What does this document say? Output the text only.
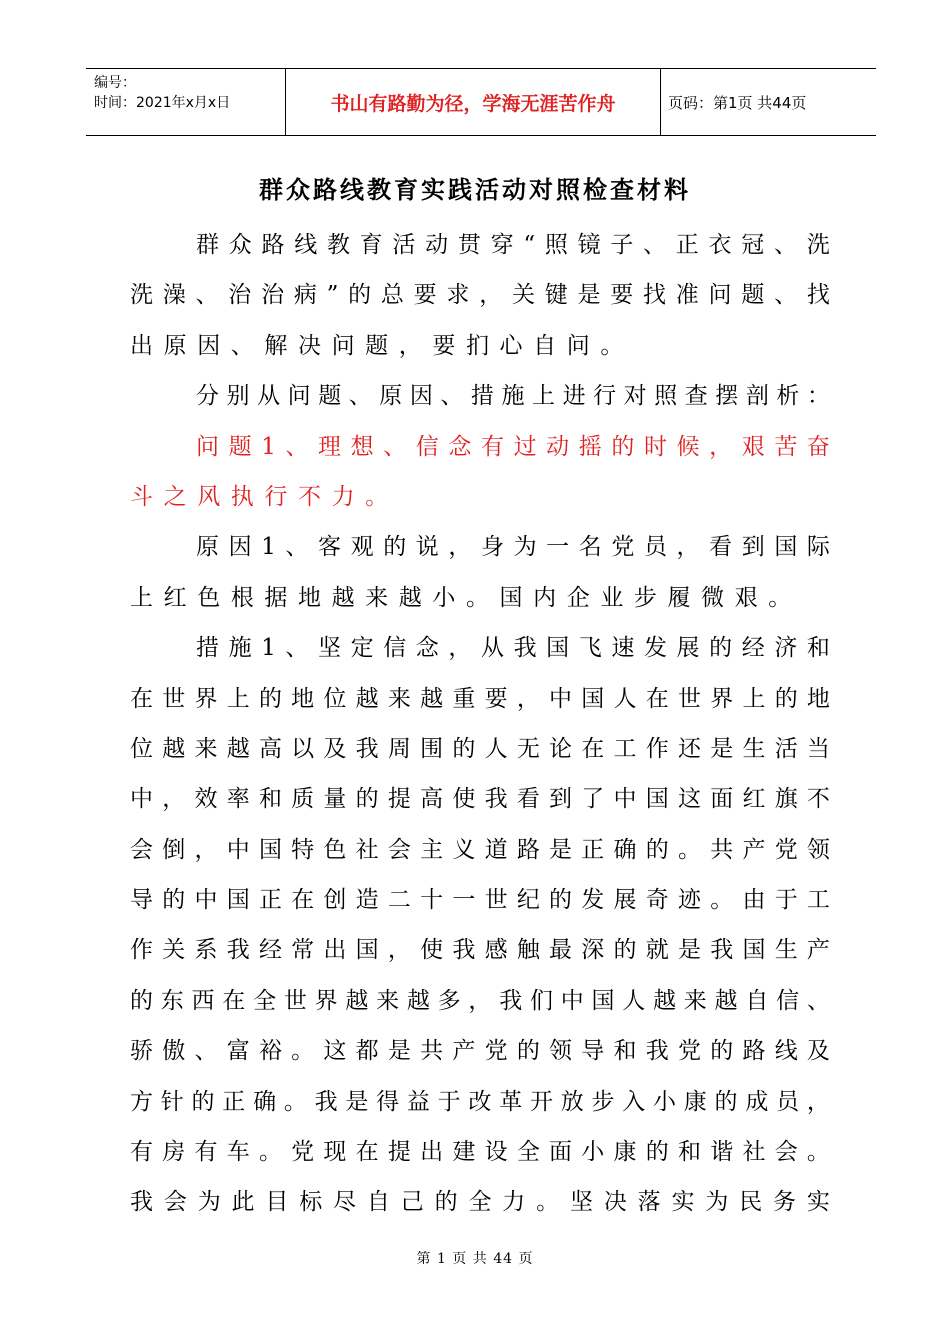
编号：
时间：2021年x月x日	书山有路勤为径，学海无涯苦作舟	页码：第1页 共44页
群众路线教育实践活动对照检查材料
群 众 路 线 教 育 活 动 贯 穿 “ 照 镜 子 、 正 衣 冠 、 洗
洗 澡 、 治 治 病 ” 的 总 要 求 ， 关 键 是 要 找 准 问 题 、 找
出 原 因 、 解 决 问 题 ， 要 扪 心 自 问 。
分 别 从 问 题 、 原 因 、 措 施 上 进 行 对 照 查 摆 剖 析 ：
问 题 1 、 理 想 、 信 念 有 过 动 摇 的 时 候 ， 艰 苦 奋
斗 之 风 执 行 不 力 。
原 因 1 、 客 观 的 说 ， 身 为 一 名 党 员 ， 看 到 国 际
上 红 色 根 据 地 越 来 越 小 。 国 内 企 业 步 履 微 艰 。
措 施 1 、 坚 定 信 念 ， 从 我 国 飞 速 发 展 的 经 济 和
在 世 界 上 的 地 位 越 来 越 重 要 ， 中 国 人 在 世 界 上 的 地
位 越 来 越 高 以 及 我 周 围 的 人 无 论 在 工 作 还 是 生 活 当
中 ， 效 率 和 质 量 的 提 高 使 我 看 到 了 中 国 这 面 红 旗 不
会 倒 ， 中 国 特 色 社 会 主 义 道 路 是 正 确 的 。 共 产 党 领
导 的 中 国 正 在 创 造 二 十 一 世 纪 的 发 展 奇 迹 。 由 于 工
作 关 系 我 经 常 出 国 ， 使 我 感 触 最 深 的 就 是 我 国 生 产
的 东 西 在 全 世 界 越 来 越 多 ， 我 们 中 国 人 越 来 越 自 信 、
骄 傲 、 富 裕 。 这 都 是 共 产 党 的 领 导 和 我 党 的 路 线 及
方 针 的 正 确 。 我 是 得 益 于 改 革 开 放 步 入 小 康 的 成 员 ，
有 房 有 车 。 党 现 在 提 出 建 设 全 面 小 康 的 和 谐 社 会 。
我 会 为 此 目 标 尽 自 己 的 全 力 。 坚 决 落 实 为 民 务 实
第 1 页 共 44 页
